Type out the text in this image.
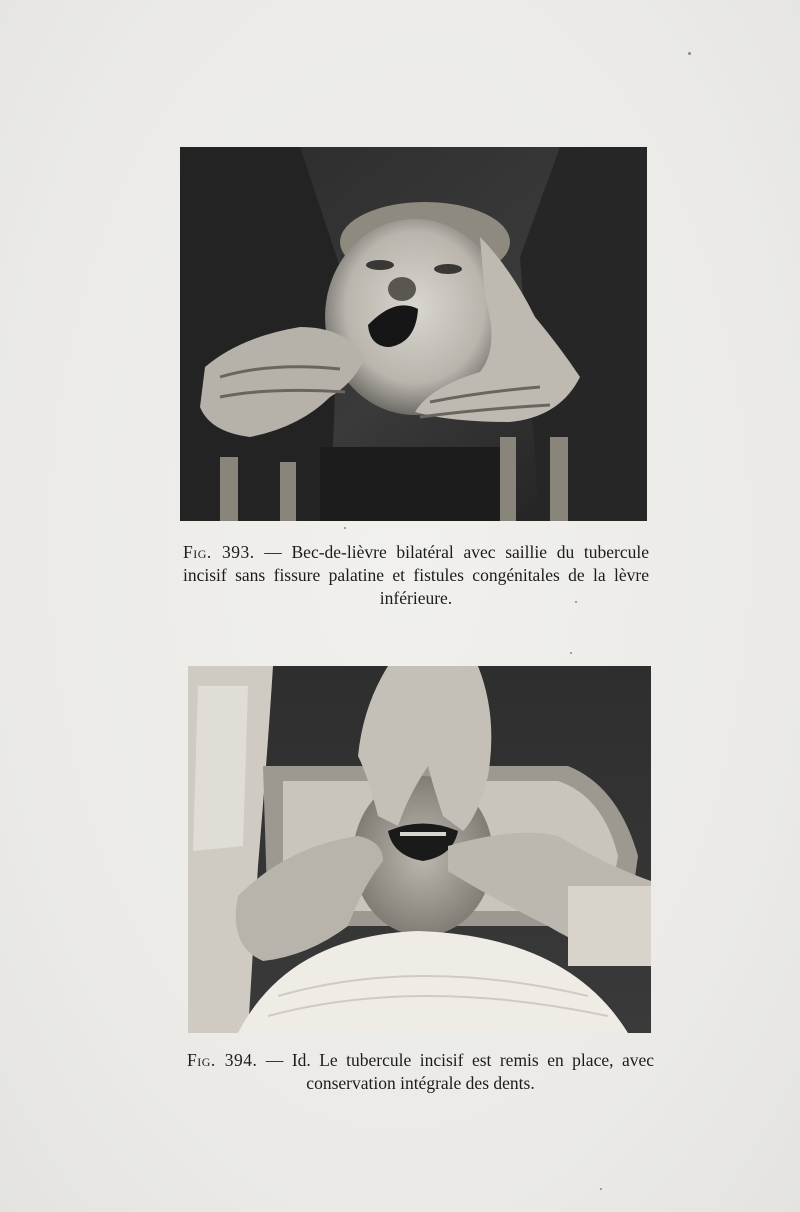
Fig. 393. — Bec-de-lièvre bilatéral avec saillie du tubercule incisif sans fissure palatine et fistules congénitales de la lèvre inférieure.
Fig. 394. — Id. Le tubercule incisif est remis en place, avec conservation intégrale des dents.
